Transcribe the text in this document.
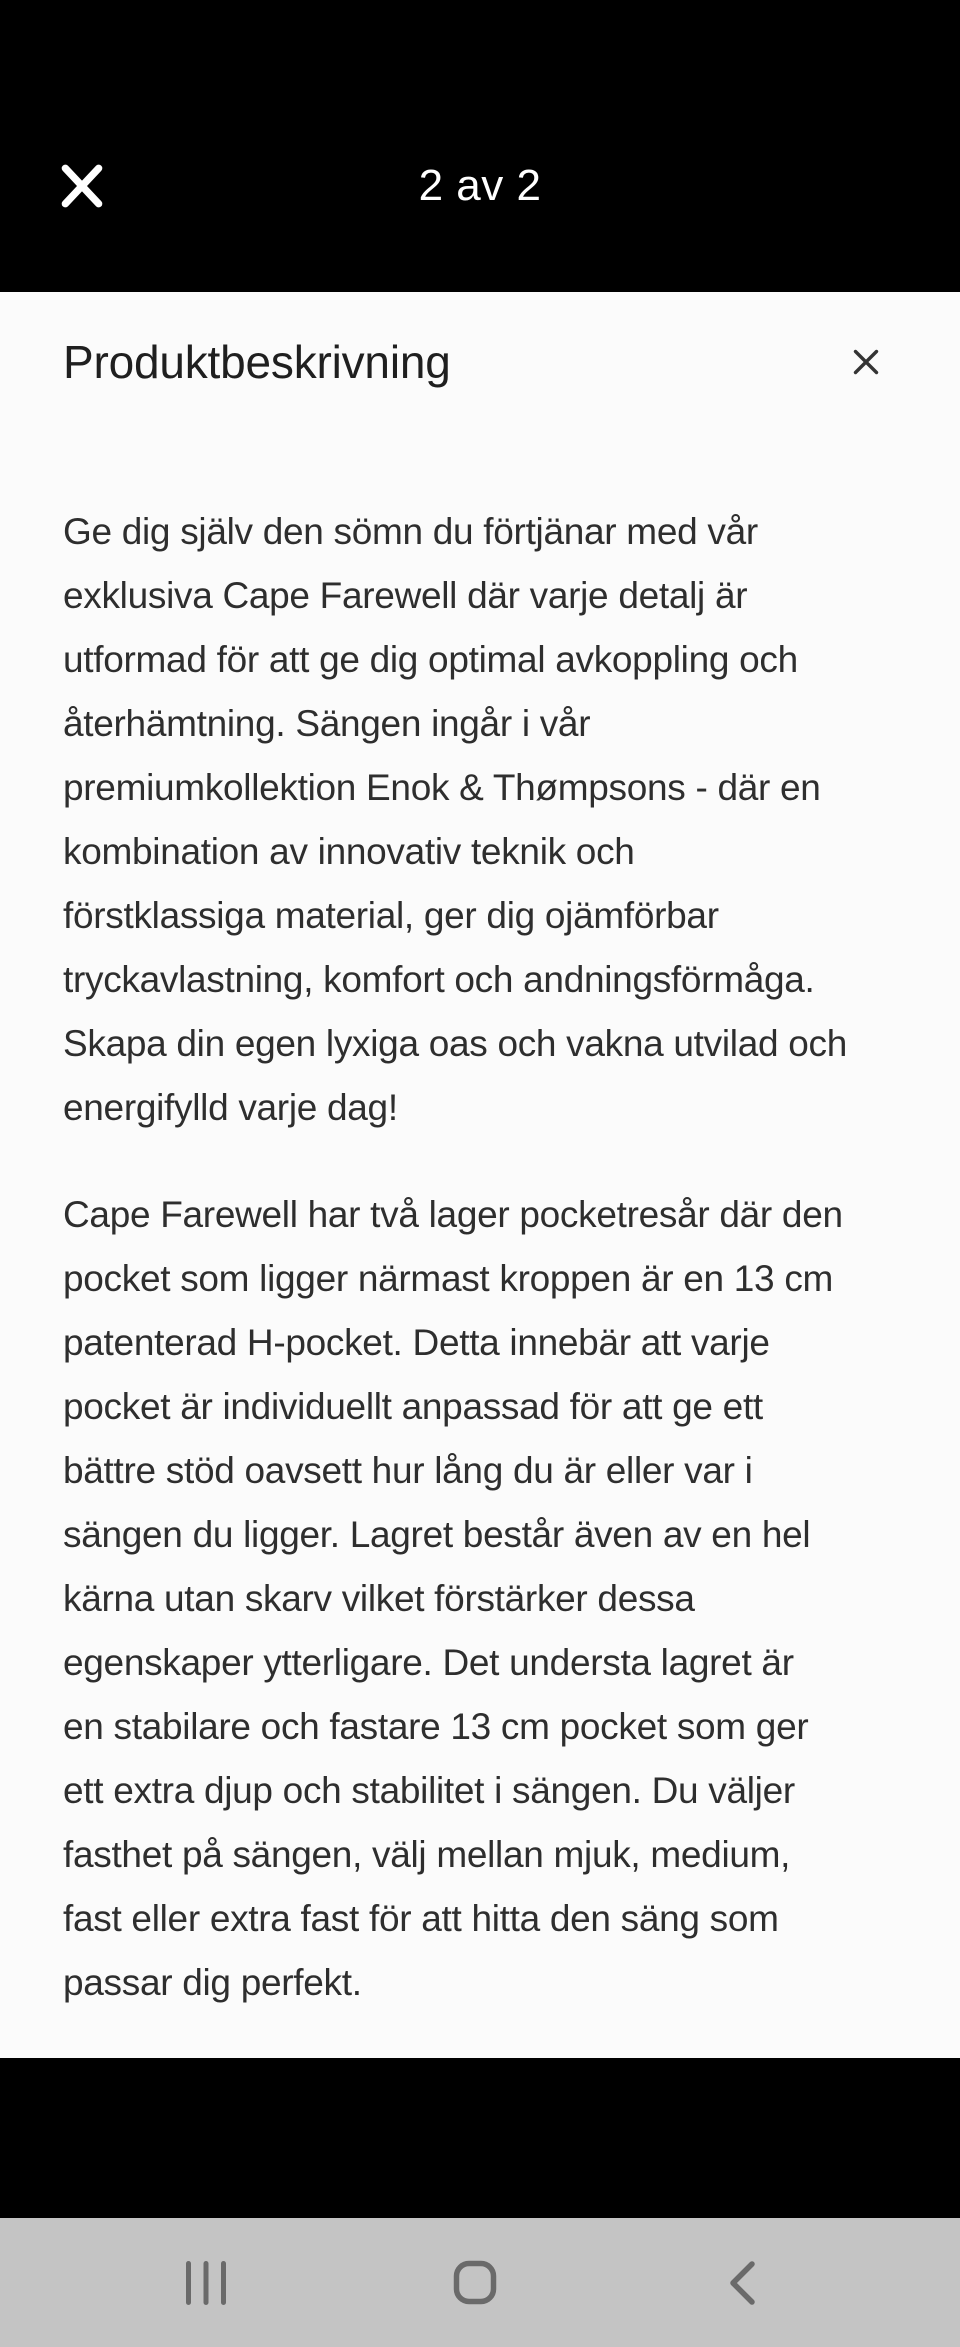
2 av 2
Produktbeskrivning
Ge dig själv den sömn du förtjänar med vår
exklusiva Cape Farewell där varje detalj är
utformad för att ge dig optimal avkoppling och
återhämtning. Sängen ingår i vår
premiumkollektion Enok & Thømpsons - där en
kombination av innovativ teknik och
förstklassiga material, ger dig ojämförbar
tryckavlastning, komfort och andningsförmåga.
Skapa din egen lyxiga oas och vakna utvilad och
energifylld varje dag!
Cape Farewell har två lager pocketresår där den
pocket som ligger närmast kroppen är en 13 cm
patenterad H-pocket. Detta innebär att varje
pocket är individuellt anpassad för att ge ett
bättre stöd oavsett hur lång du är eller var i
sängen du ligger. Lagret består även av en hel
kärna utan skarv vilket förstärker dessa
egenskaper ytterligare. Det understa lagret är
en stabilare och fastare 13 cm pocket som ger
ett extra djup och stabilitet i sängen. Du väljer
fasthet på sängen, välj mellan mjuk, medium,
fast eller extra fast för att hitta den säng som
passar dig perfekt.
